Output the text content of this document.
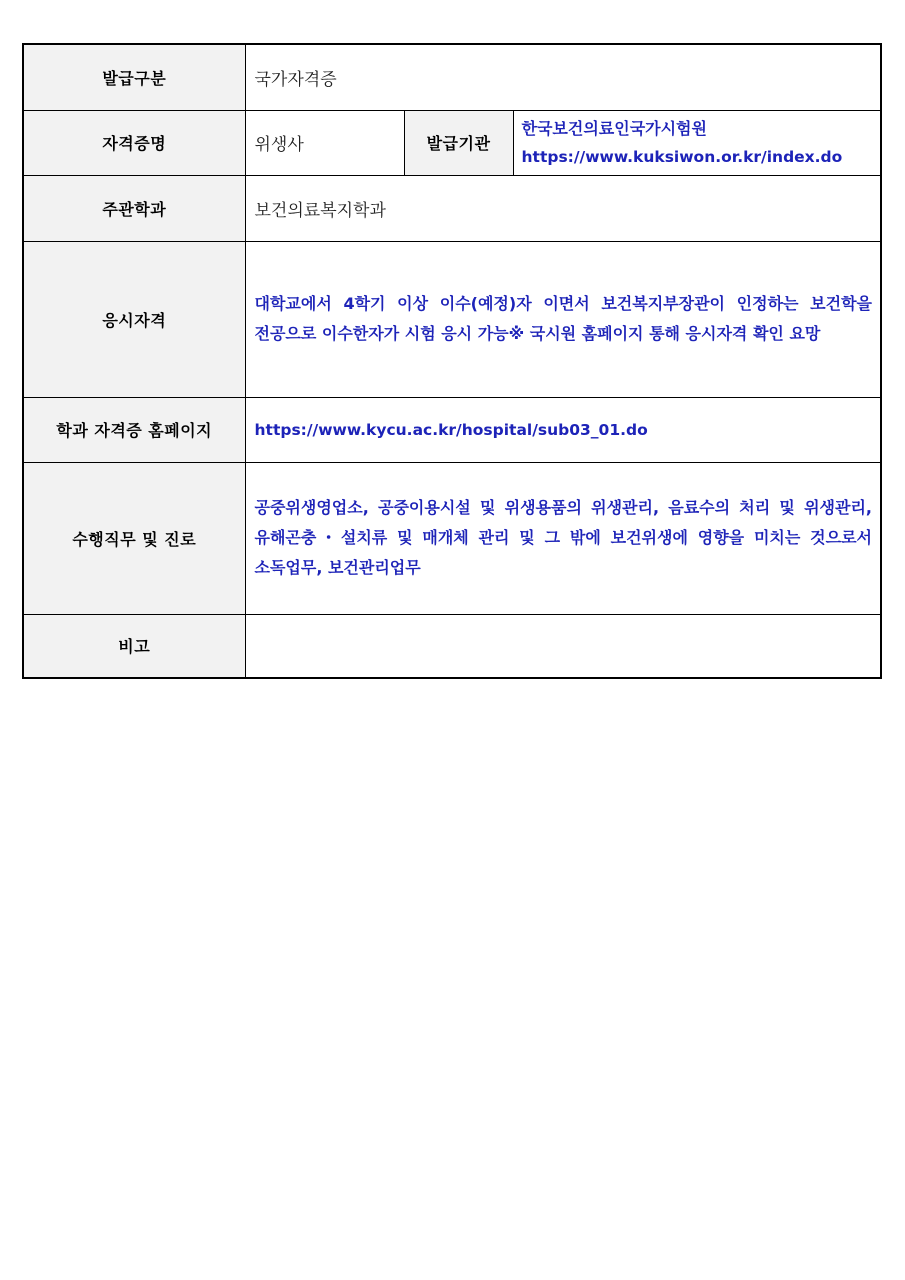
발급구분	국가자격증		
자격증명	위생사	발급기관	한국보건의료인국가시험원
https://www.kuksiwon.or.kr/index.do

주관학과	보건의료복지학과		
응시자격	대학교에서 4학기 이상 이수(예정)자 이면서 보건복지부장관이 인정하는 보건학을 전공으로 이수한자가 시험 응시 가능※ 국시원 홈페이지 통해 응시자격 확인 요망		
학과 자격증 홈페이지	https://www.kycu.ac.kr/hospital/sub03_01.do		
수행직무 및 진로	공중위생영업소, 공중이용시설 및 위생용품의 위생관리, 음료수의 처리 및 위생관리, 유해곤충・설치류 및 매개체 관리 및 그 밖에 보건위생에 영향을 미치는 것으로서 소독업무, 보건관리업무		
비고			
